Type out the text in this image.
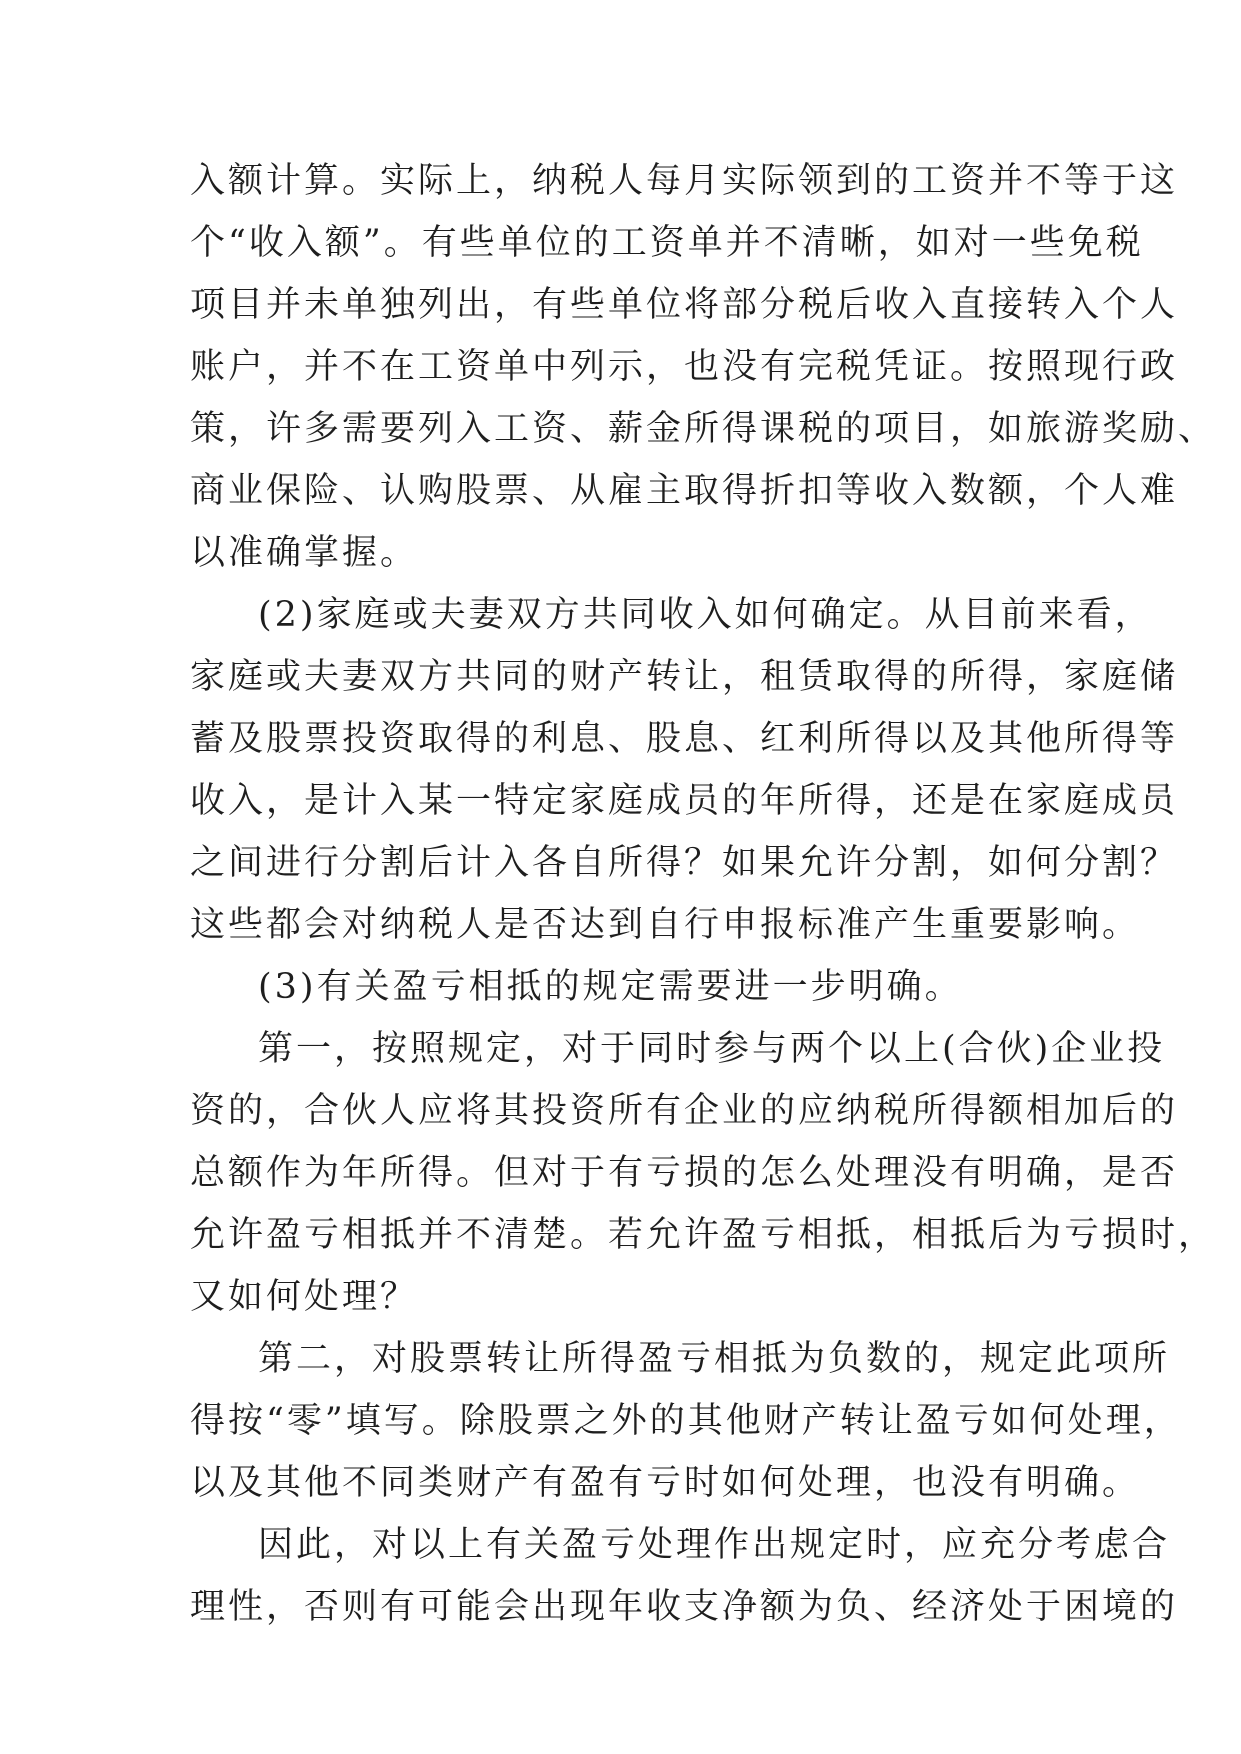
入额计算。实际上，纳税人每月实际领到的工资并不等于这
个“收入额”。有些单位的工资单并不清晰，如对一些免税
项目并未单独列出，有些单位将部分税后收入直接转入个人
账户，并不在工资单中列示，也没有完税凭证。按照现行政
策，许多需要列入工资、薪金所得课税的项目，如旅游奖励、
商业保险、认购股票、从雇主取得折扣等收入数额，个人难
以准确掌握。
(2)家庭或夫妻双方共同收入如何确定。从目前来看，
家庭或夫妻双方共同的财产转让，租赁取得的所得，家庭储
蓄及股票投资取得的利息、股息、红利所得以及其他所得等
收入，是计入某一特定家庭成员的年所得，还是在家庭成员
之间进行分割后计入各自所得？如果允许分割，如何分割？
这些都会对纳税人是否达到自行申报标准产生重要影响。
(3)有关盈亏相抵的规定需要进一步明确。
第一，按照规定，对于同时参与两个以上(合伙)企业投
资的，合伙人应将其投资所有企业的应纳税所得额相加后的
总额作为年所得。但对于有亏损的怎么处理没有明确，是否
允许盈亏相抵并不清楚。若允许盈亏相抵，相抵后为亏损时，
又如何处理？
第二，对股票转让所得盈亏相抵为负数的，规定此项所
得按“零”填写。除股票之外的其他财产转让盈亏如何处理，
以及其他不同类财产有盈有亏时如何处理，也没有明确。
因此，对以上有关盈亏处理作出规定时，应充分考虑合
理性，否则有可能会出现年收支净额为负、经济处于困境的
